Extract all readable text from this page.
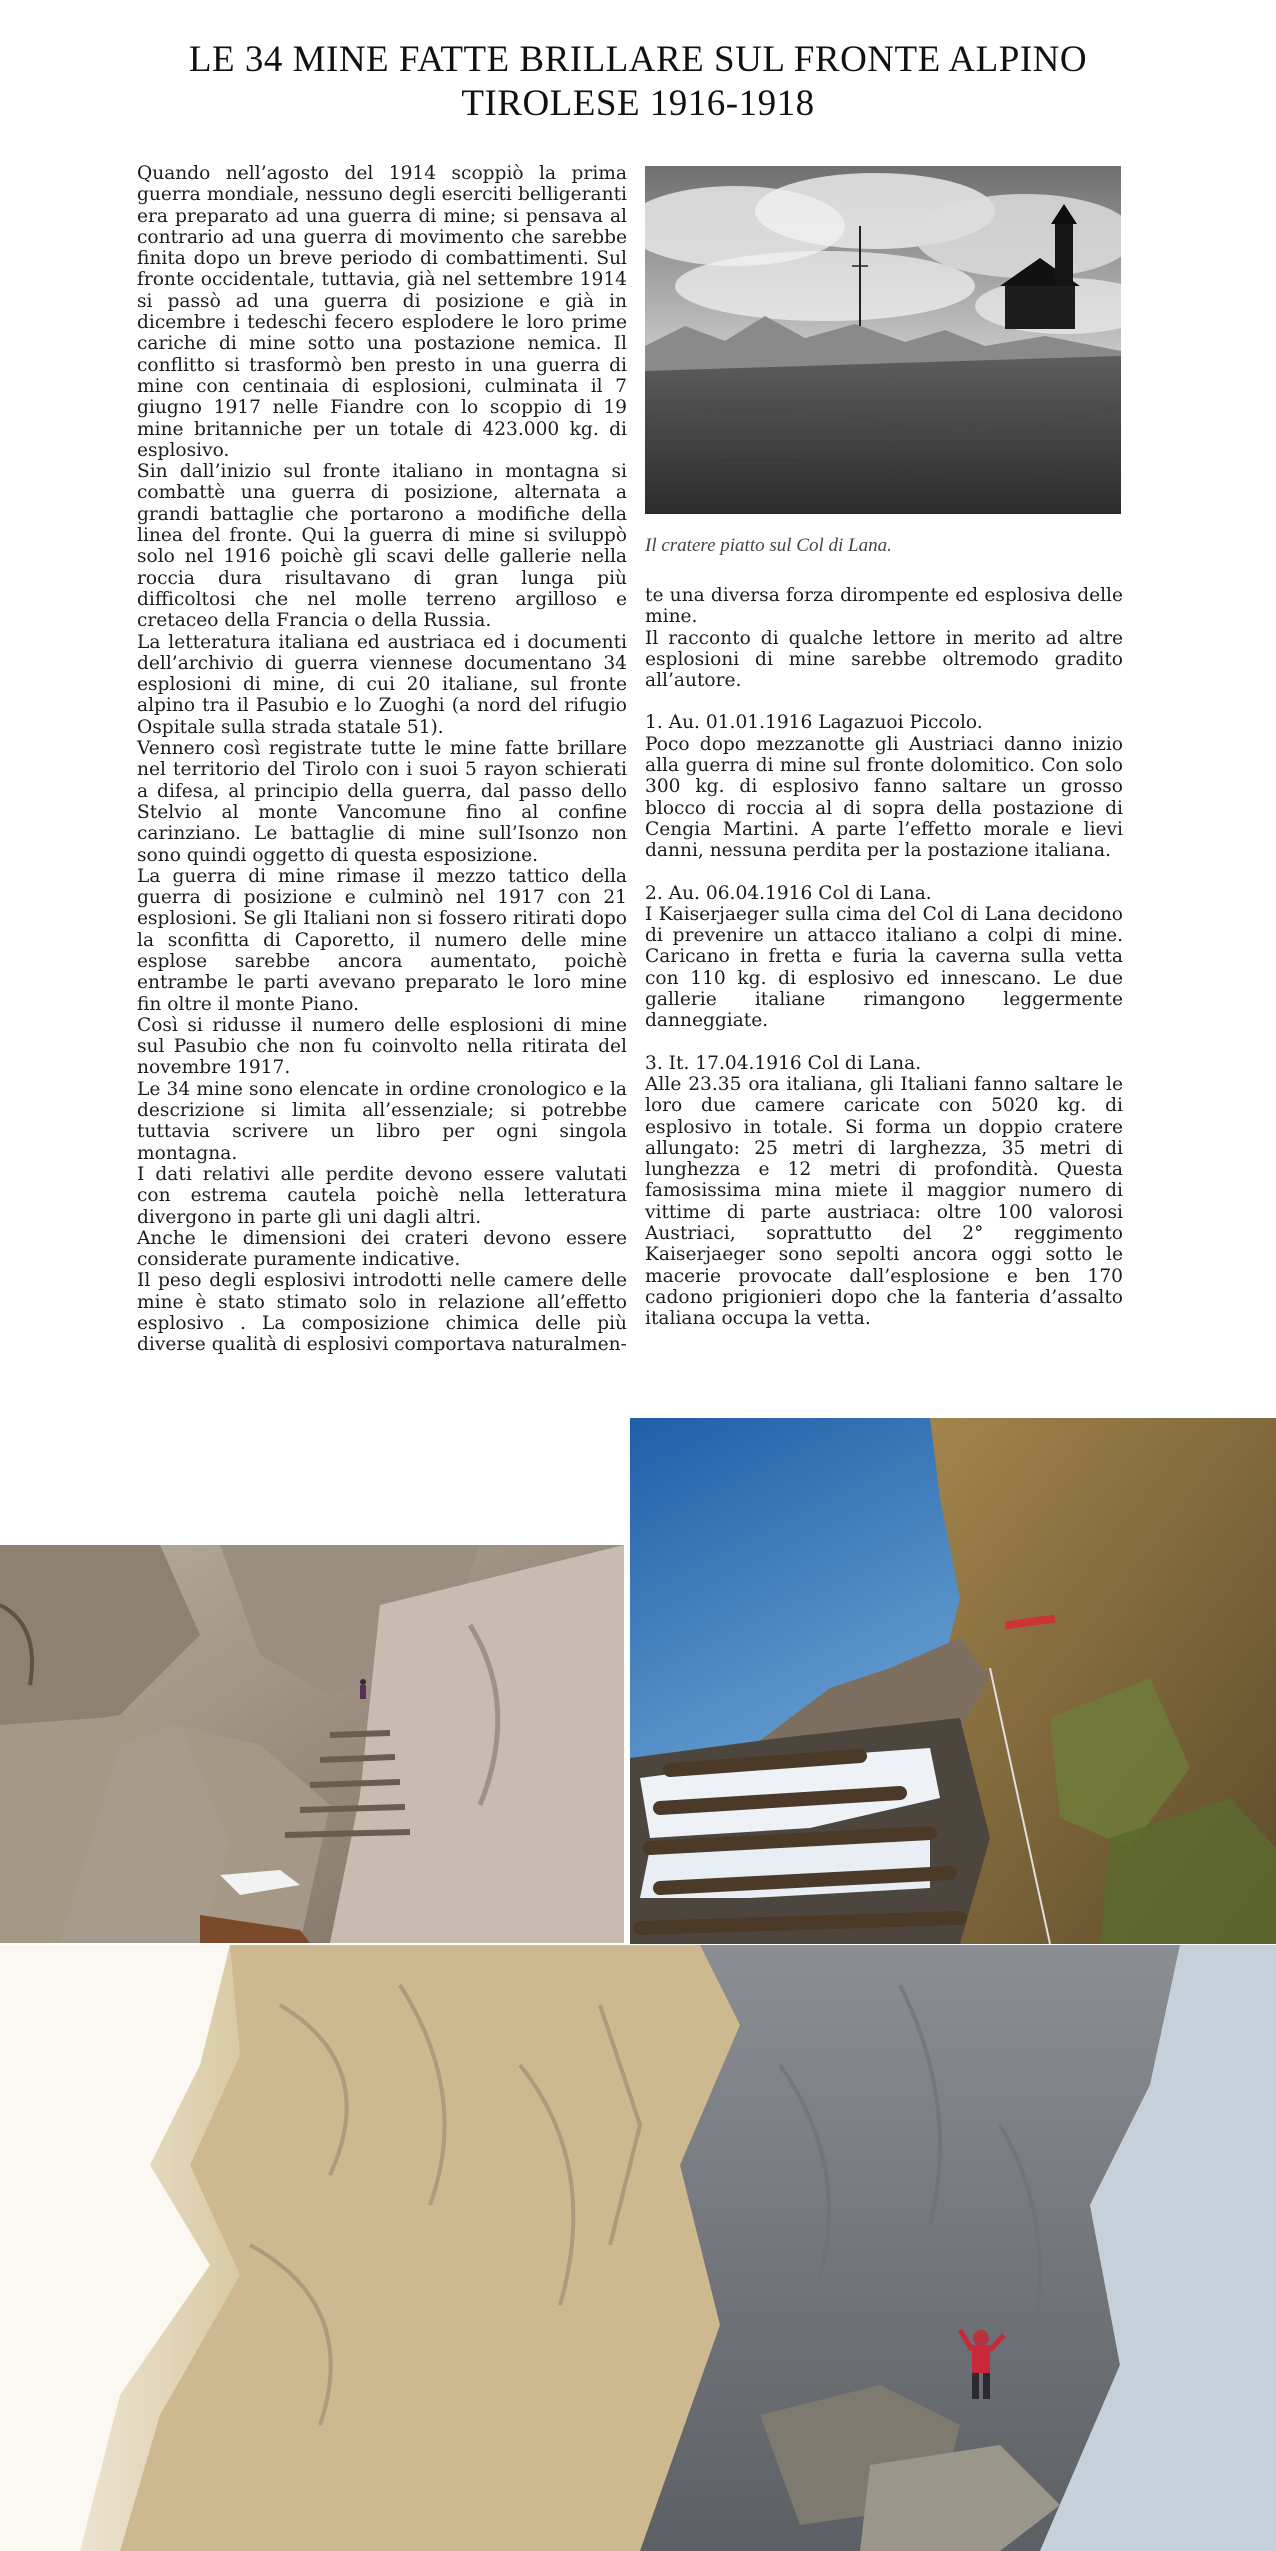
LE 34 MINE FATTE BRILLARE SUL FRONTE ALPINO
TIROLESE 1916-1918

Quando nell’agosto del 1914 scoppiò la prima guerra mondiale, nessuno degli eserciti belligeranti era preparato ad una guerra di mine; si pensava al contrario ad una guerra di movimento che sarebbe finita dopo un breve periodo di combattimenti. Sul fronte occidentale, tuttavia, già nel settembre 1914 si passò ad una guerra di posizione e già in dicembre i tedeschi fecero esplodere le loro prime cariche di mine sotto una postazione nemica. Il conflitto si trasformò ben presto in una guerra di mine con centinaia di esplosioni, culminata il 7 giugno 1917 nelle Fiandre con lo scoppio di 19 mine britanniche per un totale di 423.000 kg. di esplosivo.

Sin dall’inizio sul fronte italiano in montagna si combattè una guerra di posizione, alternata a grandi battaglie che portarono a modifiche della linea del fronte. Qui la guerra di mine si sviluppò solo nel 1916 poichè gli scavi delle gallerie nella roccia dura risultavano di gran lunga più difficoltosi che nel molle terreno argilloso e cretaceo della Francia o della Russia.

La letteratura italiana ed austriaca ed i documenti dell’archivio di guerra viennese documentano 34 esplosioni di mine, di cui 20 italiane, sul fronte alpino tra il Pasubio e lo Zuoghi (a nord del rifugio Ospitale sulla strada statale 51).

Vennero così registrate tutte le mine fatte brillare nel territorio del Tirolo con i suoi 5 rayon schierati a difesa, al principio della guerra, dal passo dello Stelvio al monte Vancomune fino al confine carinziano. Le battaglie di mine sull’Isonzo non sono quindi oggetto di questa esposizione.

La guerra di mine rimase il mezzo tattico della guerra di posizione e culminò nel 1917 con 21 esplosioni. Se gli Italiani non si fossero ritirati dopo la sconfitta di Caporetto, il numero delle mine esplose sarebbe ancora aumentato, poichè entrambe le parti avevano preparato le loro mine fin oltre il monte Piano.

Così si ridusse il numero delle esplosioni di mine sul Pasubio che non fu coinvolto nella ritirata del novembre 1917.

Le 34 mine sono elencate in ordine cronologico e la descrizione si limita all’essenziale; si potrebbe tuttavia scrivere un libro per ogni singola montagna.

I dati relativi alle perdite devono essere valutati con estrema cautela poichè nella letteratura divergono in parte gli uni dagli altri.

Anche le dimensioni dei crateri devono essere considerate puramente indicative.

Il peso degli esplosivi introdotti nelle camere delle mine è stato stimato solo in relazione all’effetto esplosivo . La composizione chimica delle più diverse qualità di esplosivi comportava naturalmen-

Il cratere piatto sul Col di Lana.

te una diversa forza dirompente ed esplosiva delle mine.

Il racconto di qualche lettore in merito ad altre esplosioni di mine sarebbe oltremodo gradito all’autore.

1. Au. 01.01.1916 Lagazuoi Piccolo.

Poco dopo mezzanotte gli Austriaci danno inizio alla guerra di mine sul fronte dolomitico. Con solo 300 kg. di esplosivo fanno saltare un grosso blocco di roccia al di sopra della postazione di Cengia Martini. A parte l’effetto morale e lievi danni, nessuna perdita per la postazione italiana.

2. Au. 06.04.1916 Col di Lana.

I Kaiserjaeger sulla cima del Col di Lana decidono di prevenire un attacco italiano a colpi di mine. Caricano in fretta e furia la caverna sulla vetta con 110 kg. di esplosivo ed innescano. Le due gallerie italiane rimangono leggermente danneggiate.

3. It. 17.04.1916 Col di Lana.

Alle 23.35 ora italiana, gli Italiani fanno saltare le loro due camere caricate con 5020 kg. di esplosivo in totale. Si forma un doppio cratere allungato: 25 metri di larghezza, 35 metri di lunghezza e 12 metri di profondità. Questa famosissima mina miete il maggior numero di vittime di parte austriaca: oltre 100 valorosi Austriaci, soprattutto del 2° reggimento Kaiserjaeger sono sepolti ancora oggi sotto le macerie provocate dall’esplosione e ben 170 cadono prigionieri dopo che la fanteria d’assalto italiana occupa la vetta.
